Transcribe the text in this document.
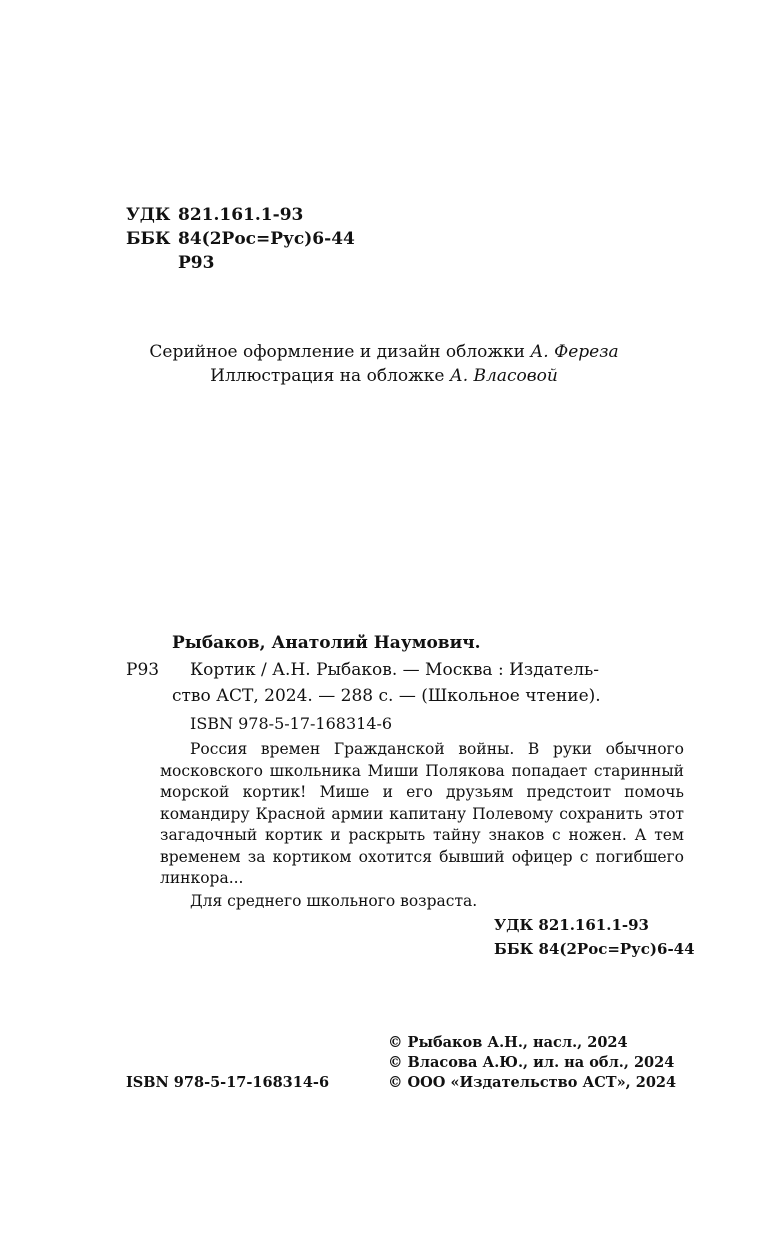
УДК 821.161.1-93
ББК 84(2Рос=Рус)6-44
Р93
Серийное оформление и дизайн обложки А. Фереза
Иллюстрация на обложке А. Власовой
Рыбаков, Анатолий Наумович.
Р93 Кортик / А.Н. Рыбаков. — Москва : Издатель-
ство АСТ, 2024. — 288 с. — (Школьное чтение).
ISBN 978-5-17-168314-6

Россия времен Гражданской войны. В руки обычного московского школьника Миши Полякова попадает старинный морской кортик! Мише и его друзьям предстоит помочь командиру Красной армии капитану Полевому сохранить этот загадочный кортик и раскрыть тайну знаков с ножен. А тем временем за кортиком охотится бывший офицер с погибшего линкора...

Для среднего школьного возраста.
УДК 821.161.1-93
ББК 84(2Рос=Рус)6-44
ISBN 978-5-17-168314-6
© Рыбаков А.Н., насл., 2024
© Власова А.Ю., ил. на обл., 2024
© ООО «Издательство АСТ», 2024
